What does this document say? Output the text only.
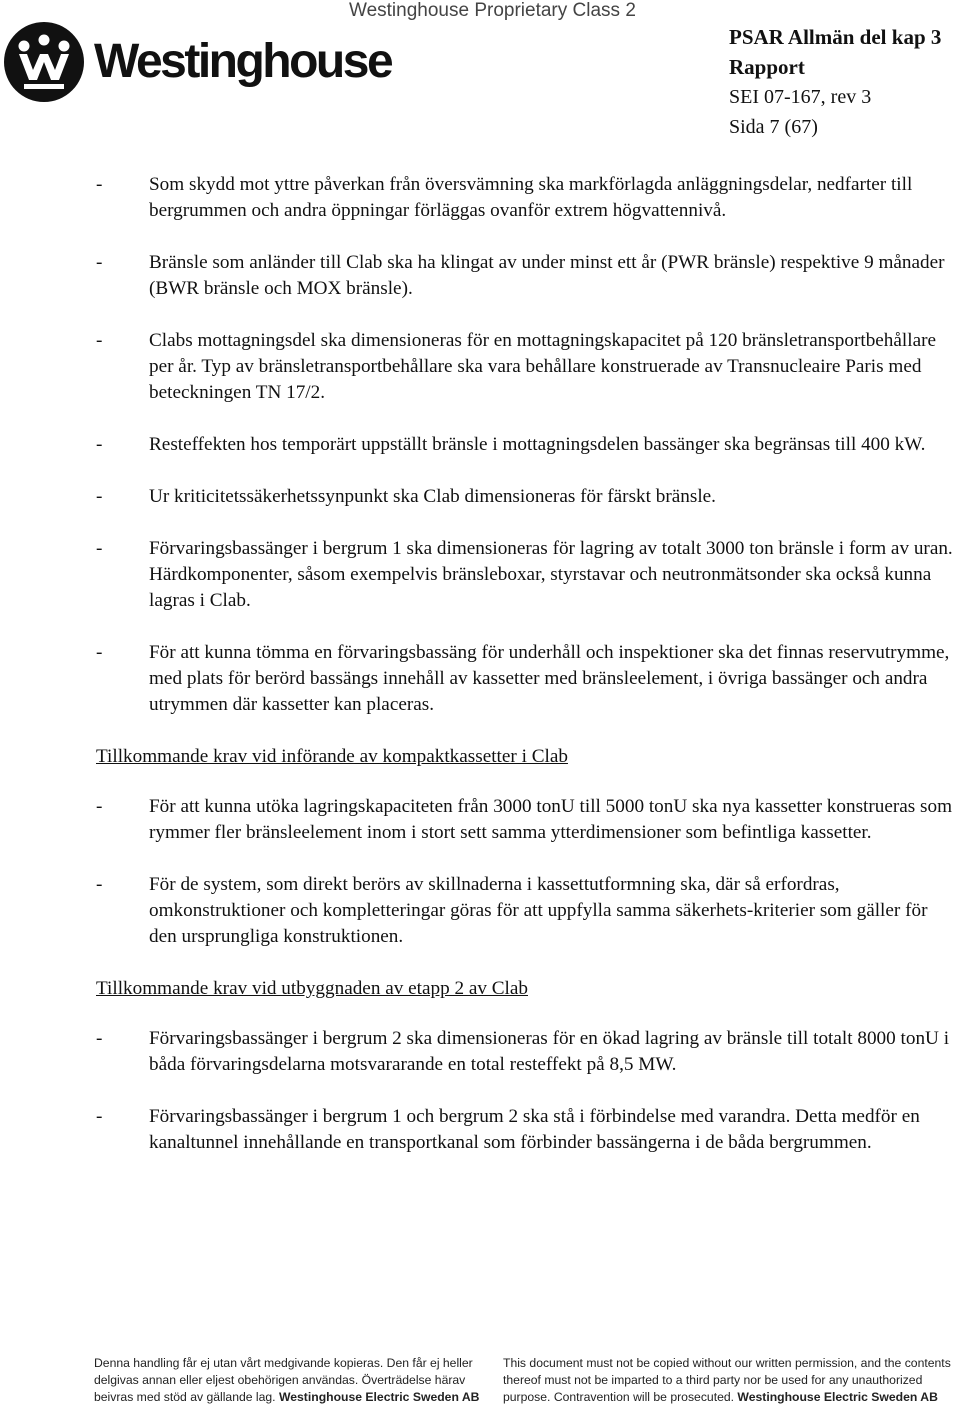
Westinghouse Proprietary Class 2
Westinghouse	PSAR Allmän del kap 3
Rapport
SEI 07-167, rev 3
Sida 7 (67)
- Som skydd mot yttre påverkan från översvämning ska markförlagda anläggningsdelar, nedfarter till bergrummen och andra öppningar förläggas ovanför extrem högvattennivå.
- Bränsle som anländer till Clab ska ha klingat av under minst ett år (PWR bränsle) respektive 9 månader (BWR bränsle och MOX bränsle).
- Clabs mottagningsdel ska dimensioneras för en mottagningskapacitet på 120 bränsletransportbehållare per år. Typ av bränsletransportbehållare ska vara behållare konstruerade av Transnucleaire Paris med beteckningen TN 17/2.
- Resteffekten hos temporärt uppställt bränsle i mottagningsdelen bassänger ska begränsas till 400 kW.
- Ur kriticitetssäkerhetssynpunkt ska Clab dimensioneras för färskt bränsle.
- Förvaringsbassänger i bergrum 1 ska dimensioneras för lagring av totalt 3000 ton bränsle i form av uran. Härdkomponenter, såsom exempelvis bränsleboxar, styrstavar och neutronmätsonder ska också kunna lagras i Clab.
- För att kunna tömma en förvaringsbassäng för underhåll och inspektioner ska det finnas reservutrymme, med plats för berörd bassängs innehåll av kassetter med bränsleelement, i övriga bassänger och andra utrymmen där kassetter kan placeras.
Tillkommande krav vid införande av kompaktkassetter i Clab
- För att kunna utöka lagringskapaciteten från 3000 tonU till 5000 tonU ska nya kassetter konstrueras som rymmer fler bränsleelement inom i stort sett samma ytterdimensioner som befintliga kassetter.
- För de system, som direkt berörs av skillnaderna i kassettutformning ska, där så erfordras, omkonstruktioner och kompletteringar göras för att uppfylla samma säkerhets-kriterier som gäller för den ursprungliga konstruktionen.
Tillkommande krav vid utbyggnaden av etapp 2 av Clab
- Förvaringsbassänger i bergrum 2 ska dimensioneras för en ökad lagring av bränsle till totalt 8000 tonU i båda förvaringsdelarna motsvararande en total resteffekt på 8,5 MW.
- Förvaringsbassänger i bergrum 1 och bergrum 2 ska stå i förbindelse med varandra. Detta medför en kanaltunnel innehållande en transportkanal som förbinder bassängerna i de båda bergrummen.
Denna handling får ej utan vårt medgivande kopieras. Den får ej heller delgivas annan eller eljest obehörigen användas. Överträdelse härav beivras med stöd av gällande lag. Westinghouse Electric Sweden AB
This document must not be copied without our written permission, and the contents thereof must not be imparted to a third party nor be used for any unauthorized purpose. Contravention will be prosecuted. Westinghouse Electric Sweden AB
